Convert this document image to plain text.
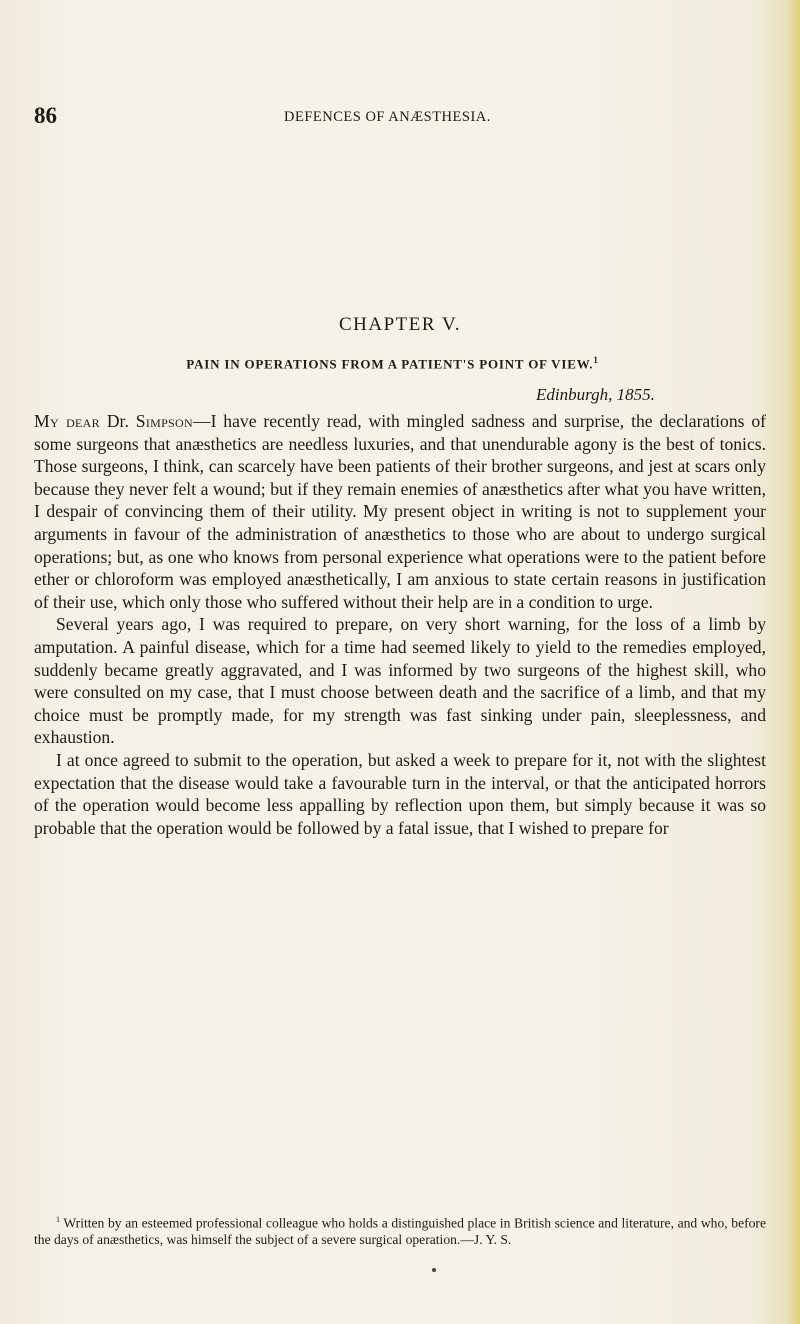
86	DEFENCES OF ANÆSTHESIA.
CHAPTER V.
PAIN IN OPERATIONS FROM A PATIENT'S POINT OF VIEW.$^1$
Edinburgh, 1855.

My dear Dr. Simpson—I have recently read, with mingled sadness and surprise, the declarations of some surgeons that anæsthetics are needless luxuries, and that unendurable agony is the best of tonics. Those surgeons, I think, can scarcely have been patients of their brother surgeons, and jest at scars only because they never felt a wound; but if they remain enemies of anæsthetics after what you have written, I despair of convincing them of their utility. My present object in writing is not to supplement your arguments in favour of the administration of anæsthetics to those who are about to undergo surgical operations; but, as one who knows from personal experience what operations were to the patient before ether or chloroform was employed anæsthetically, I am anxious to state certain reasons in justification of their use, which only those who suffered without their help are in a condition to urge.

Several years ago, I was required to prepare, on very short warning, for the loss of a limb by amputation. A painful disease, which for a time had seemed likely to yield to the remedies employed, suddenly became greatly aggravated, and I was informed by two surgeons of the highest skill, who were consulted on my case, that I must choose between death and the sacrifice of a limb, and that my choice must be promptly made, for my strength was fast sinking under pain, sleeplessness, and exhaustion.

I at once agreed to submit to the operation, but asked a week to prepare for it, not with the slightest expectation that the disease would take a favourable turn in the interval, or that the anticipated horrors of the operation would become less appalling by reflection upon them, but simply because it was so probable that the operation would be followed by a fatal issue, that I wished to prepare for

$^1$ Written by an esteemed professional colleague who holds a distinguished place in British science and literature, and who, before the days of anæsthetics, was himself the subject of a severe surgical operation.—J. Y. S.
